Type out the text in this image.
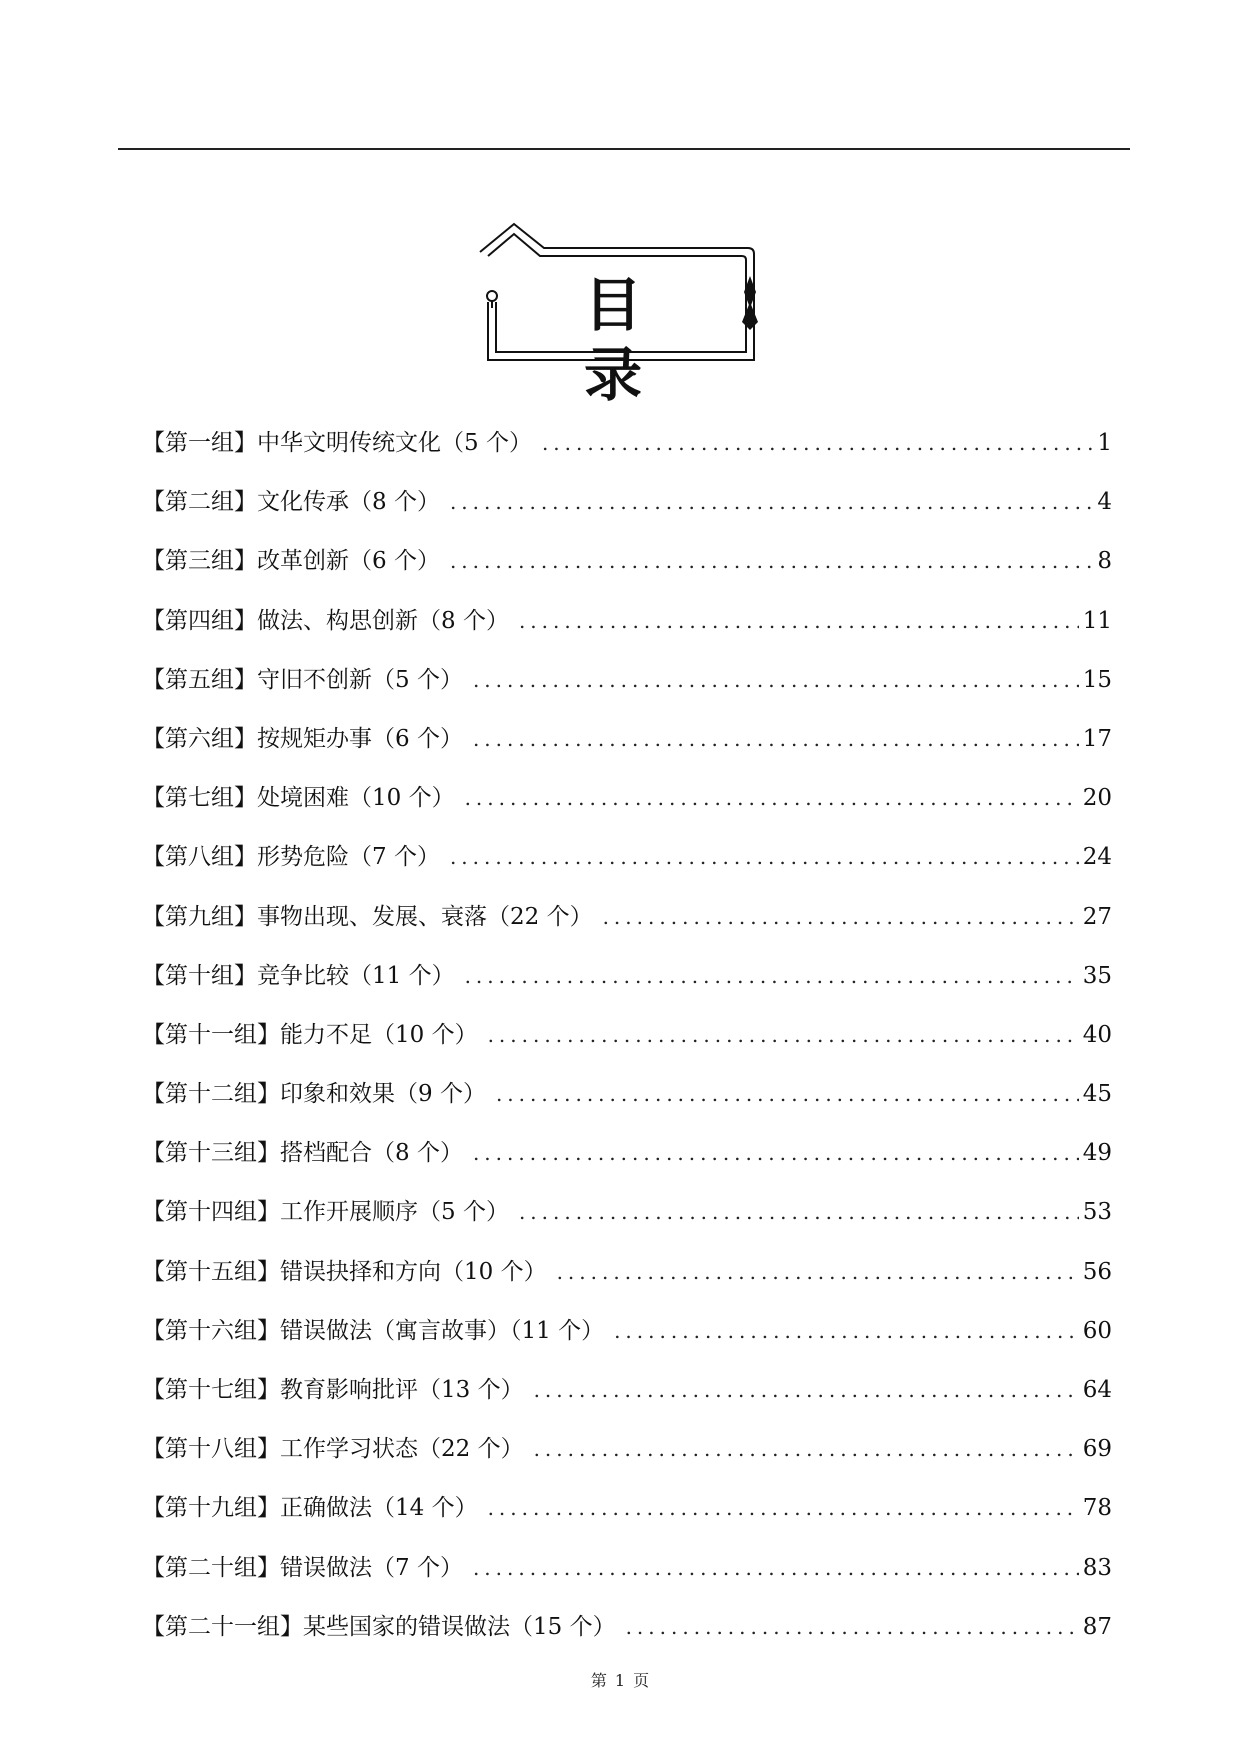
目 录
【第一组】中华文明传统文化（5 个） .....	1
【第二组】文化传承（8 个） .....	4
【第三组】改革创新（6 个） .....	8
【第四组】做法、构思创新（8 个） .....	11
【第五组】守旧不创新（5 个） .....	15
【第六组】按规矩办事（6 个） .....	17
【第七组】处境困难（10 个） .....	20
【第八组】形势危险（7 个） .....	24
【第九组】事物出现、发展、衰落（22 个） .....	27
【第十组】竞争比较（11 个） .....	35
【第十一组】能力不足（10 个） .....	40
【第十二组】印象和效果（9 个） .....	45
【第十三组】搭档配合（8 个） .....	49
【第十四组】工作开展顺序（5 个） .....	53
【第十五组】错误抉择和方向（10 个） .....	56
【第十六组】错误做法（寓言故事）（11 个） .....	60
【第十七组】教育影响批评（13 个） .....	64
【第十八组】工作学习状态（22 个） .....	69
【第十九组】正确做法（14 个） .....	78
【第二十组】错误做法（7 个） .....	83
【第二十一组】某些国家的错误做法（15 个） .....	87
第 1 页
